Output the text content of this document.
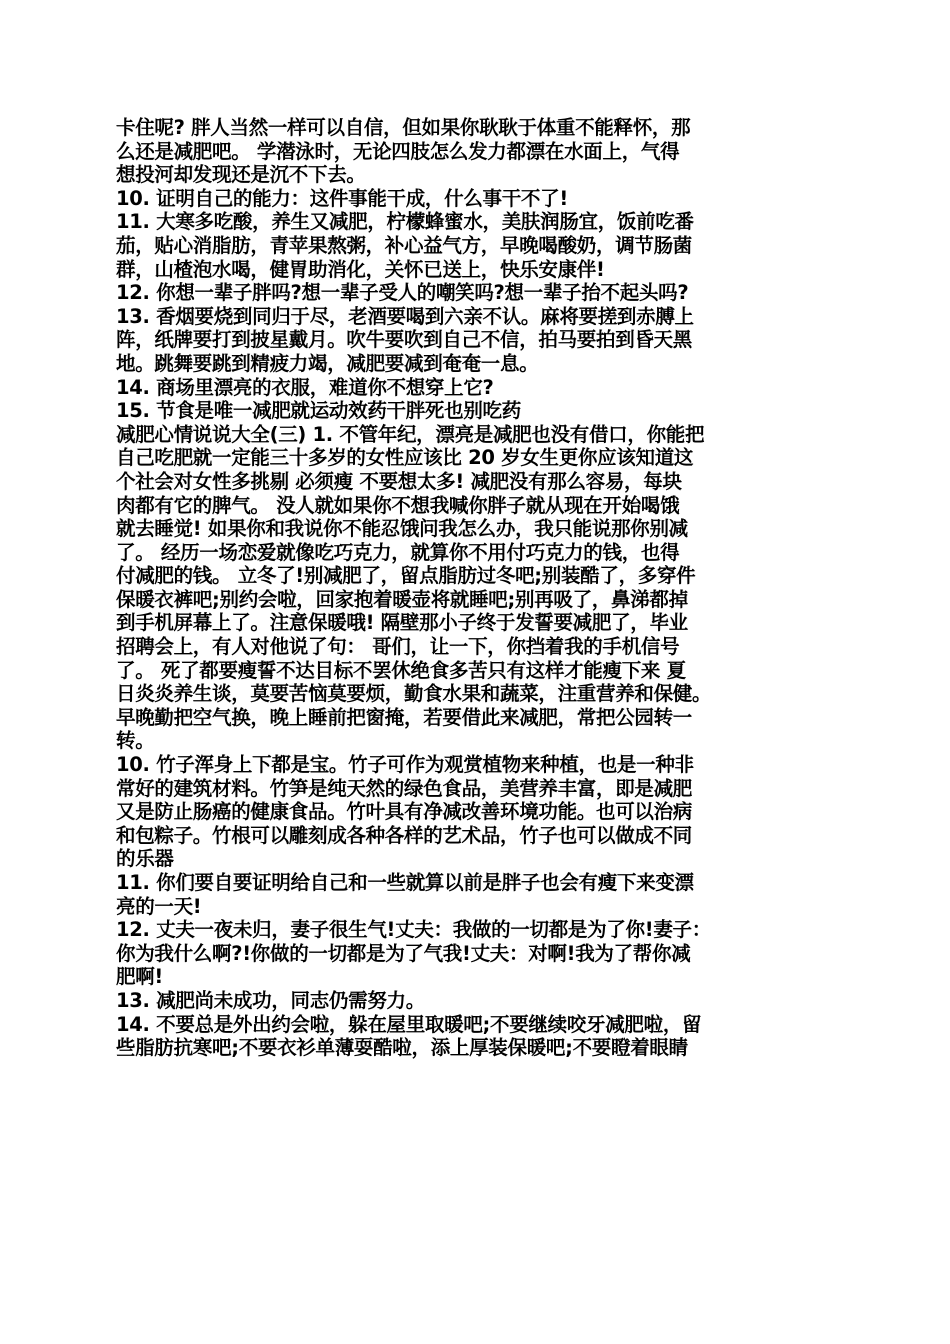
卡住呢? 胖人当然一样可以自信，但如果你耿耿于体重不能释怀，那
么还是减肥吧。 学潜泳时，无论四肢怎么发力都漂在水面上，气得
想投河却发现还是沉不下去。
10. 证明自己的能力：这件事能干成，什么事干不了!
11. 大寒多吃酸，养生又减肥，柠檬蜂蜜水，美肤润肠宜，饭前吃番
茄，贴心消脂肪，青苹果熬粥，补心益气方，早晚喝酸奶，调节肠菌
群，山楂泡水喝，健胃助消化，关怀已送上，快乐安康伴!
12. 你想一辈子胖吗?想一辈子受人的嘲笑吗?想一辈子抬不起头吗?
13. 香烟要烧到同归于尽，老酒要喝到六亲不认。麻将要搓到赤膊上
阵，纸牌要打到披星戴月。吹牛要吹到自己不信，拍马要拍到昏天黑
地。跳舞要跳到精疲力竭，减肥要减到奄奄一息。
14. 商场里漂亮的衣服，难道你不想穿上它?
15. 节食是唯一减肥就运动效药干胖死也别吃药
减肥心情说说大全(三) 1. 不管年纪，漂亮是减肥也没有借口，你能把
自己吃肥就一定能三十多岁的女性应该比 20 岁女生更你应该知道这
个社会对女性多挑剔 必须瘦 不要想太多! 减肥没有那么容易，每块
肉都有它的脾气。 没人就如果你不想我喊你胖子就从现在开始喝饿
就去睡觉! 如果你和我说你不能忍饿问我怎么办，我只能说那你别减
了。 经历一场恋爱就像吃巧克力，就算你不用付巧克力的钱，也得
付减肥的钱。 立冬了!别减肥了，留点脂肪过冬吧;别装酷了，多穿件
保暖衣裤吧;别约会啦，回家抱着暖壶将就睡吧;别再吸了，鼻涕都掉
到手机屏幕上了。注意保暖哦! 隔壁那小子终于发誓要减肥了，毕业
招聘会上，有人对他说了句： 哥们，让一下，你挡着我的手机信号
了。 死了都要瘦誓不达目标不罢休绝食多苦只有这样才能瘦下来 夏
日炎炎养生谈，莫要苦恼莫要烦，勤食水果和蔬菜，注重营养和保健。
早晚勤把空气换，晚上睡前把窗掩，若要借此来减肥，常把公园转一
转。
10. 竹子浑身上下都是宝。竹子可作为观赏植物来种植，也是一种非
常好的建筑材料。竹笋是纯天然的绿色食品，美营养丰富，即是减肥
又是防止肠癌的健康食品。竹叶具有净减改善环境功能。也可以治病
和包粽子。竹根可以雕刻成各种各样的艺术品，竹子也可以做成不同
的乐器
11. 你们要自要证明给自己和一些就算以前是胖子也会有瘦下来变漂
亮的一天!
12. 丈夫一夜未归，妻子很生气!丈夫：我做的一切都是为了你!妻子：
你为我什么啊?!你做的一切都是为了气我!丈夫：对啊!我为了帮你减
肥啊!
13. 减肥尚未成功，同志仍需努力。
14. 不要总是外出约会啦，躲在屋里取暖吧;不要继续咬牙减肥啦，留
些脂肪抗寒吧;不要衣衫单薄耍酷啦，添上厚装保暖吧;不要瞪着眼睛
